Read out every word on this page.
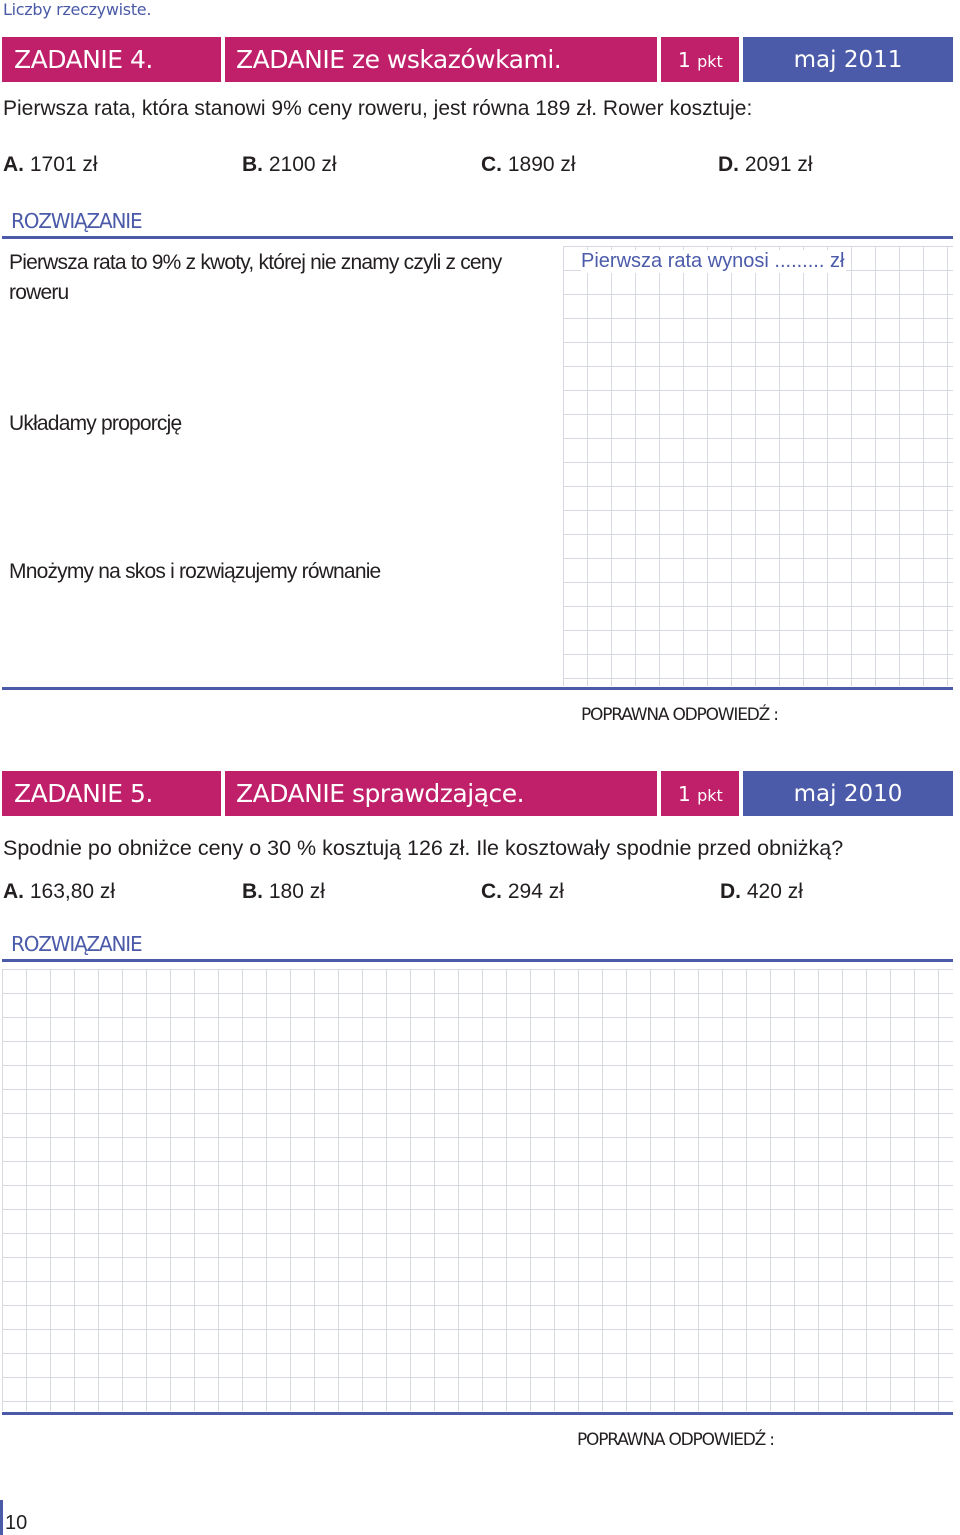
Liczby rzeczywiste.
ZADANIE 4.	ZADANIE ze wskazówkami.	1 pkt	maj 2011
Pierwsza rata, która stanowi 9% ceny roweru, jest równa 189 zł. Rower kosztuje:
A. 1701 zł	B. 2100 zł	C. 1890 zł	D. 2091 zł
ROZWIĄZANIE
Pierwsza rata wynosi ......... zł
Pierwsza rata to 9% z kwoty, której nie znamy czyli z ceny roweru
Układamy proporcję
Mnożymy na skos i rozwiązujemy równanie
POPRAWNA ODPOWIEDŹ :
ZADANIE 5.	ZADANIE sprawdzające.	1 pkt	maj 2010
Spodnie po obniżce ceny o 30 % kosztują 126 zł. Ile kosztowały spodnie przed obniżką?
A. 163,80 zł	B. 180 zł	C. 294 zł	D. 420 zł
ROZWIĄZANIE
POPRAWNA ODPOWIEDŹ :
10
